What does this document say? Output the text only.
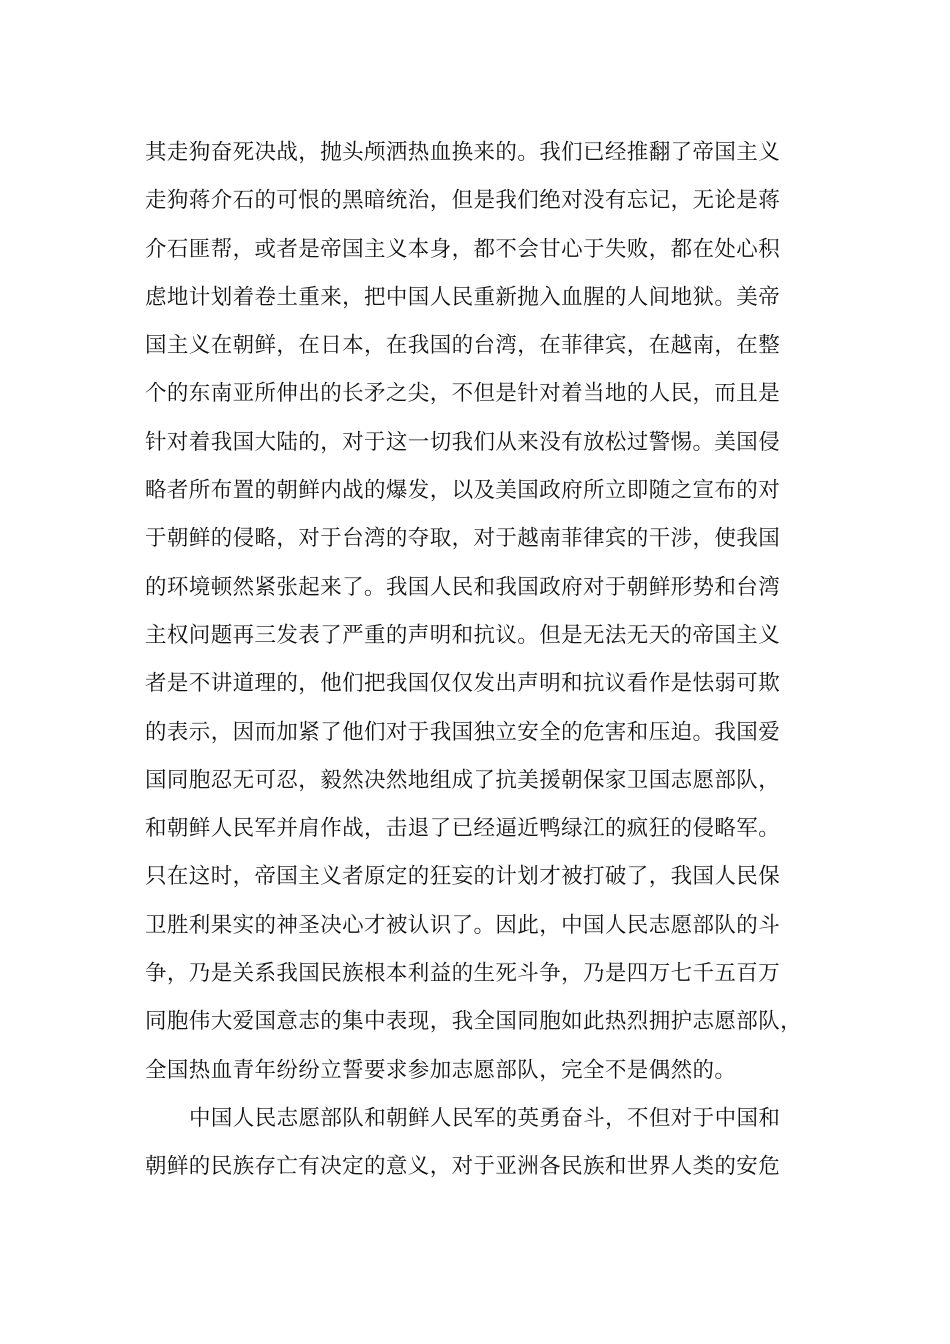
其走狗奋死决战，抛头颅洒热血换来的。我们已经推翻了帝国主义
走狗蒋介石的可恨的黑暗统治，但是我们绝对没有忘记，无论是蒋
介石匪帮，或者是帝国主义本身，都不会甘心于失败，都在处心积
虑地计划着卷土重来，把中国人民重新抛入血腥的人间地狱。美帝
国主义在朝鲜，在日本，在我国的台湾，在菲律宾，在越南，在整
个的东南亚所伸出的长矛之尖，不但是针对着当地的人民，而且是
针对着我国大陆的，对于这一切我们从来没有放松过警惕。美国侵
略者所布置的朝鲜内战的爆发，以及美国政府所立即随之宣布的对
于朝鲜的侵略，对于台湾的夺取，对于越南菲律宾的干涉，使我国
的环境顿然紧张起来了。我国人民和我国政府对于朝鲜形势和台湾
主权问题再三发表了严重的声明和抗议。但是无法无天的帝国主义
者是不讲道理的，他们把我国仅仅发出声明和抗议看作是怯弱可欺
的表示，因而加紧了他们对于我国独立安全的危害和压迫。我国爱
国同胞忍无可忍，毅然决然地组成了抗美援朝保家卫国志愿部队，
和朝鲜人民军并肩作战，击退了已经逼近鸭绿江的疯狂的侵略军。
只在这时，帝国主义者原定的狂妄的计划才被打破了，我国人民保
卫胜利果实的神圣决心才被认识了。因此，中国人民志愿部队的斗
争，乃是关系我国民族根本利益的生死斗争，乃是四万七千五百万
同胞伟大爱国意志的集中表现，我全国同胞如此热烈拥护志愿部队，
全国热血青年纷纷立誓要求参加志愿部队，完全不是偶然的。
中国人民志愿部队和朝鲜人民军的英勇奋斗，不但对于中国和
朝鲜的民族存亡有决定的意义，对于亚洲各民族和世界人类的安危
